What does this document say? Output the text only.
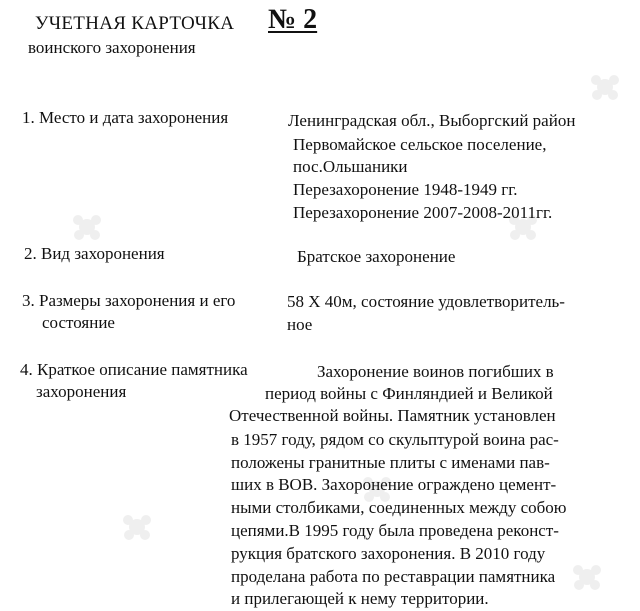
УЧЕТНАЯ КАРТОЧКА № 2
воинского захоронения
1. Место и дата захоронения	Ленинградская обл., Выборгский район
Первомайское сельское поселение,
пос.Ольшаники
Перезахоронение 1948-1949 гг.
Перезахоронение 2007-2008-2011гг.
2. Вид захоронения	Братское захоронение
3. Размеры захоронения и его
состояние
58 Х 40м, состояние удовлетворитель-
ное
4. Краткое описание памятника
захоронения
Захоронение воинов погибших в
период войны с Финляндией и Великой
Отечественной войны. Памятник установлен
в 1957 году, рядом со скульптурой воина рас-
положены гранитные плиты с именами пав-
ших в ВОВ. Захоронение ограждено цемент-
ными столбиками, соединенных между собою
цепями.В 1995 году была проведена реконст-
рукция братского захоронения. В 2010 году
проделана работа по реставрации памятника
и прилегающей к нему территории.
